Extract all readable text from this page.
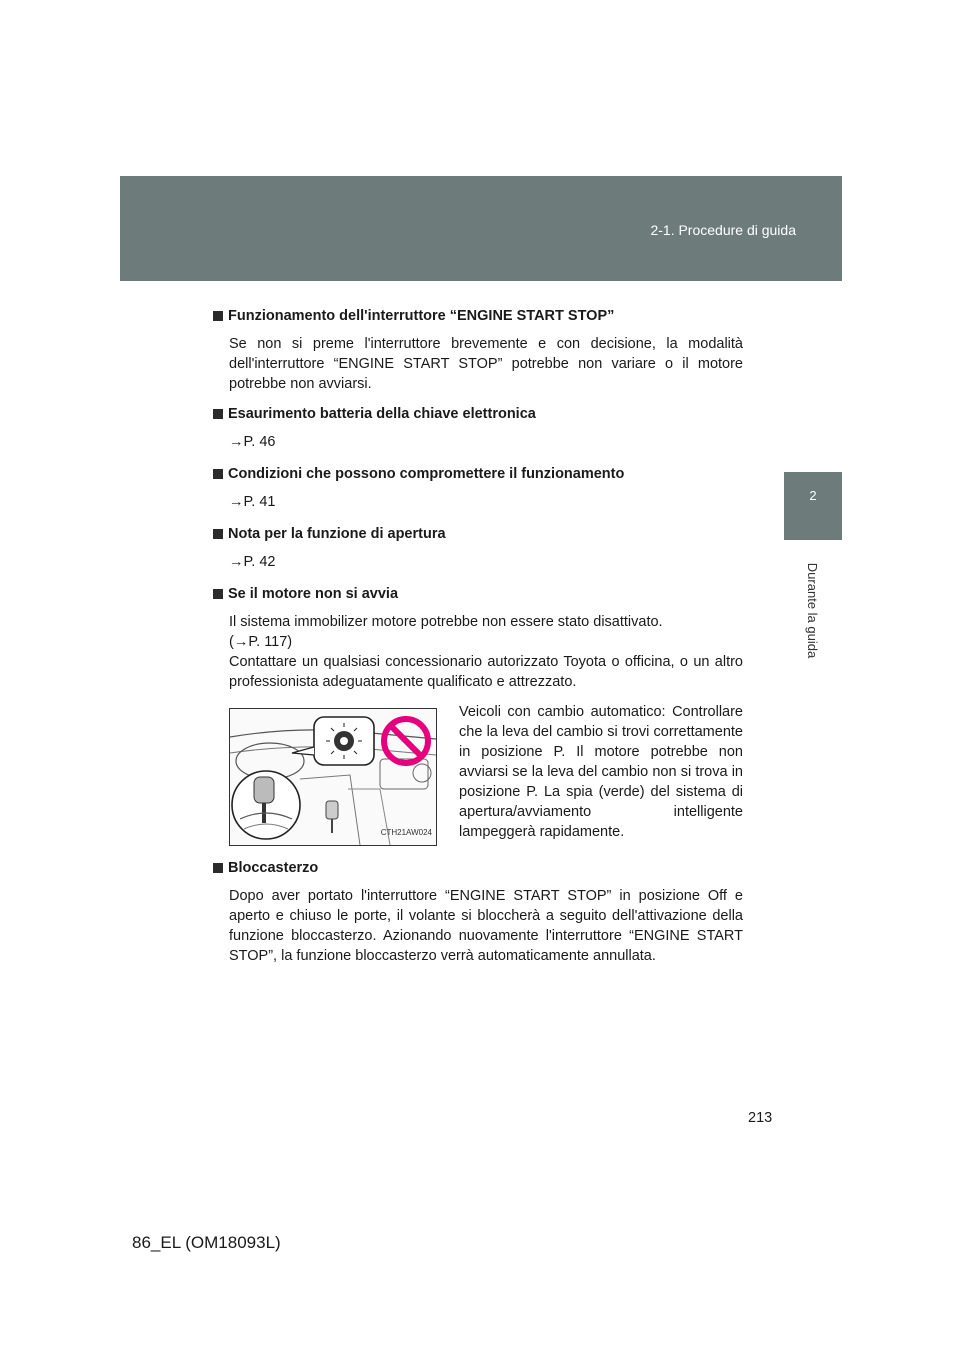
2-1. Procedure di guida
2
Durante la guida
Funzionamento dell'interruttore “ENGINE START STOP”

Se non si preme l'interruttore brevemente e con decisione, la modalità dell'interruttore “ENGINE START STOP” potrebbe non variare o il motore potrebbe non avviarsi.

Esaurimento batteria della chiave elettronica

→P. 46

Condizioni che possono compromettere il funzionamento

→P. 41

Nota per la funzione di apertura

→P. 42

Se il motore non si avvia

Il sistema immobilizer motore potrebbe non essere stato disattivato.
(→P. 117)

Contattare un qualsiasi concessionario autorizzato Toyota o officina, o un altro professionista adeguatamente qualificato e attrezzato.

CTH21AW024
Veicoli con cambio automatico: Controllare che la leva del cambio si trovi correttamente in posizione P. Il motore potrebbe non avviarsi se la leva del cambio non si trova in posizione P. La spia (verde) del sistema di apertura/avviamento intelligente lampeggerà rapidamente.
Bloccasterzo

Dopo aver portato l'interruttore “ENGINE START STOP” in posizione Off e aperto e chiuso le porte, il volante si bloccherà a seguito dell'attivazione della funzione bloccasterzo. Azionando nuovamente l'interruttore “ENGINE START STOP”, la funzione bloccasterzo verrà automaticamente annullata.

213
86_EL (OM18093L)
